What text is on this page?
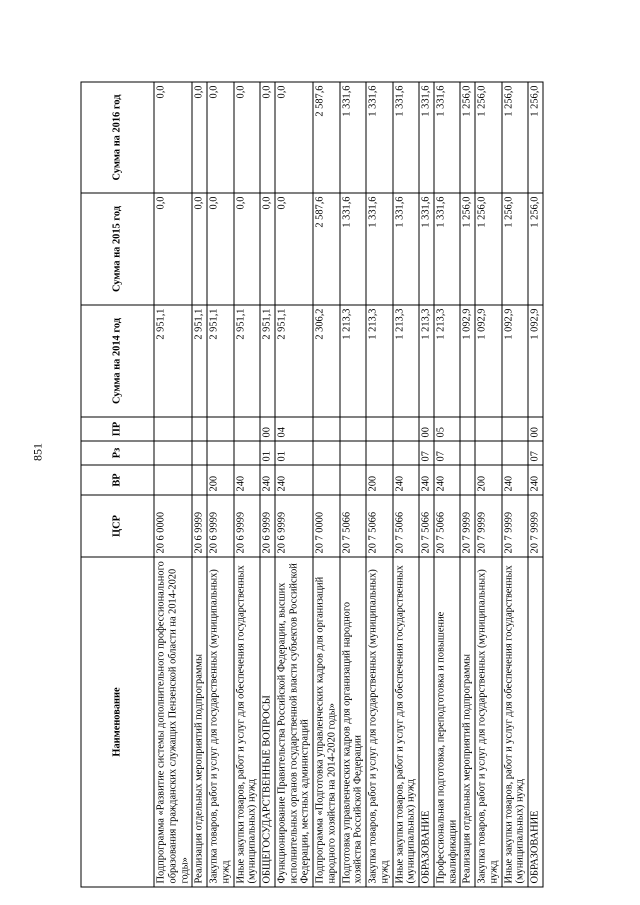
851
Наименование	ЦСР	ВР	Рз	ПР	Сумма на 2014 год	Сумма на 2015 год	Сумма на 2016 год
Подпрограмма «Развитие системы дополнительного профессионального образования гражданских служащих Пензенской области на 2014-2020 годы»	20 6 0000				2 951,1	0,0	0,0
Реализация отдельных мероприятий подпрограммы	20 6 9999				2 951,1	0,0	0,0
Закупка товаров, работ и услуг для государственных (муниципальных) нужд	20 6 9999	200			2 951,1	0,0	0,0
Иные закупки товаров, работ и услуг для обеспечения государственных (муниципальных) нужд	20 6 9999	240			2 951,1	0,0	0,0
ОБЩЕГОСУДАРСТВЕННЫЕ ВОПРОСЫ	20 6 9999	240	01	00	2 951,1	0,0	0,0
Функционирование Правительства Российской Федерации, высших исполнительных органов государственной власти субъектов Российской Федерации, местных администраций	20 6 9999	240	01	04	2 951,1	0,0	0,0
Подпрограмма «Подготовка управленческих кадров для организаций народного хозяйства на 2014-2020 годы»	20 7 0000				2 306,2	2 587,6	2 587,6
Подготовка управленческих кадров для организаций народного хозяйства Российской Федерации	20 7 5066				1 213,3	1 331,6	1 331,6
Закупка товаров, работ и услуг для государственных (муниципальных) нужд	20 7 5066	200			1 213,3	1 331,6	1 331,6
Иные закупки товаров, работ и услуг для обеспечения государственных (муниципальных) нужд	20 7 5066	240			1 213,3	1 331,6	1 331,6
ОБРАЗОВАНИЕ	20 7 5066	240	07	00	1 213,3	1 331,6	1 331,6
Профессиональная подготовка, переподготовка и повышение квалификации	20 7 5066	240	07	05	1 213,3	1 331,6	1 331,6
Реализация отдельных мероприятий подпрограммы	20 7 9999				1 092,9	1 256,0	1 256,0
Закупка товаров, работ и услуг для государственных (муниципальных) нужд	20 7 9999	200			1 092,9	1 256,0	1 256,0
Иные закупки товаров, работ и услуг для обеспечения государственных (муниципальных) нужд	20 7 9999	240			1 092,9	1 256,0	1 256,0
ОБРАЗОВАНИЕ	20 7 9999	240	07	00	1 092,9	1 256,0	1 256,0
